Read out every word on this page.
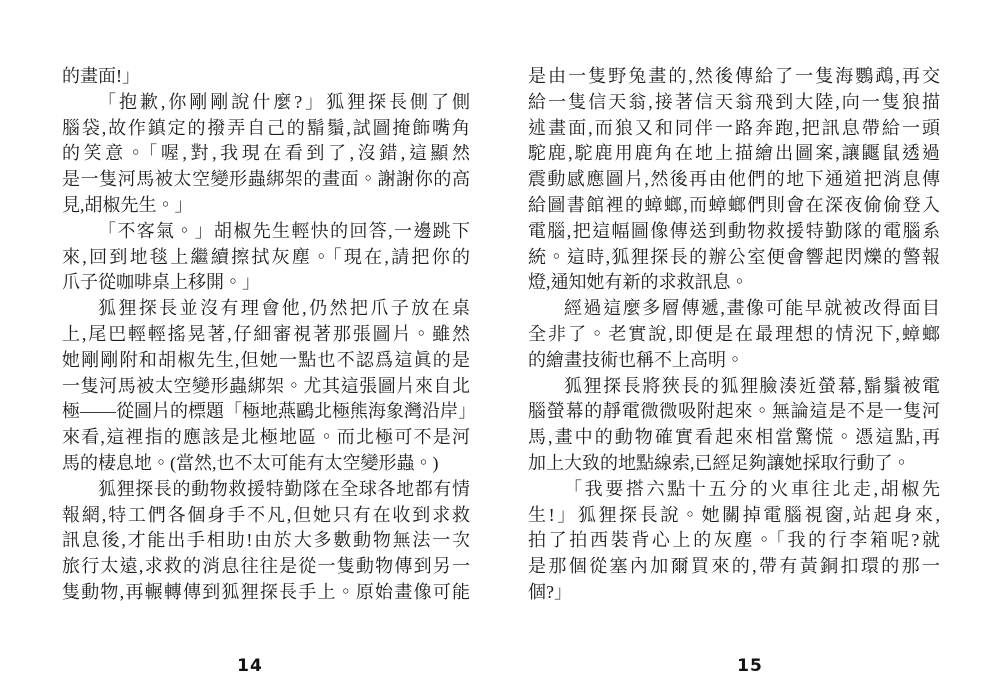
的畫面!」
「抱歉,你剛剛說什麼?」狐狸探長側了側
腦袋,故作鎮定的撥弄自己的鬍鬚,試圖掩飾嘴角
的笑意。「喔,對,我現在看到了,沒錯,這顯然
是一隻河馬被太空變形蟲綁架的畫面。謝謝你的高
見,胡椒先生。」
「不客氣。」胡椒先生輕快的回答,一邊跳下
來,回到地毯上繼續擦拭灰塵。「現在,請把你的
爪子從咖啡桌上移開。」
狐狸探長並沒有理會他,仍然把爪子放在桌
上,尾巴輕輕搖晃著,仔細審視著那張圖片。雖然
她剛剛附和胡椒先生,但她一點也不認爲這眞的是
一隻河馬被太空變形蟲綁架。尤其這張圖片來自北
極——從圖片的標題「極地燕鷗北極熊海象灣沿岸」
來看,這裡指的應該是北極地區。而北極可不是河
馬的棲息地。(當然,也不太可能有太空變形蟲。)
狐狸探長的動物救援特勤隊在全球各地都有情
報網,特工們各個身手不凡,但她只有在收到求救
訊息後,才能出手相助!由於大多數動物無法一次
旅行太遠,求救的消息往往是從一隻動物傳到另一
隻動物,再輾轉傳到狐狸探長手上。原始畫像可能
是由一隻野兔畫的,然後傳給了一隻海鸚鵡,再交
給一隻信天翁,接著信天翁飛到大陸,向一隻狼描
述畫面,而狼又和同伴一路奔跑,把訊息帶給一頭
駝鹿,駝鹿用鹿角在地上描繪出圖案,讓鼴鼠透過
震動感應圖片,然後再由他們的地下通道把消息傳
給圖書館裡的蟑螂,而蟑螂們則會在深夜偷偷登入
電腦,把這幅圖像傳送到動物救援特勤隊的電腦系
統。這時,狐狸探長的辦公室便會響起閃爍的警報
燈,通知她有新的求救訊息。
經過這麼多層傳遞,畫像可能早就被改得面目
全非了。老實說,即便是在最理想的情況下,蟑螂
的繪畫技術也稱不上高明。
狐狸探長將狹長的狐狸臉湊近螢幕,鬍鬚被電
腦螢幕的靜電微微吸附起來。無論這是不是一隻河
馬,畫中的動物確實看起來相當驚慌。憑這點,再
加上大致的地點線索,已經足夠讓她採取行動了。
「我要搭六點十五分的火車往北走,胡椒先
生!」狐狸探長說。她關掉電腦視窗,站起身來,
拍了拍西裝背心上的灰塵。「我的行李箱呢?就
是那個從塞內加爾買來的,帶有黃銅扣環的那一
個?」
14	15
